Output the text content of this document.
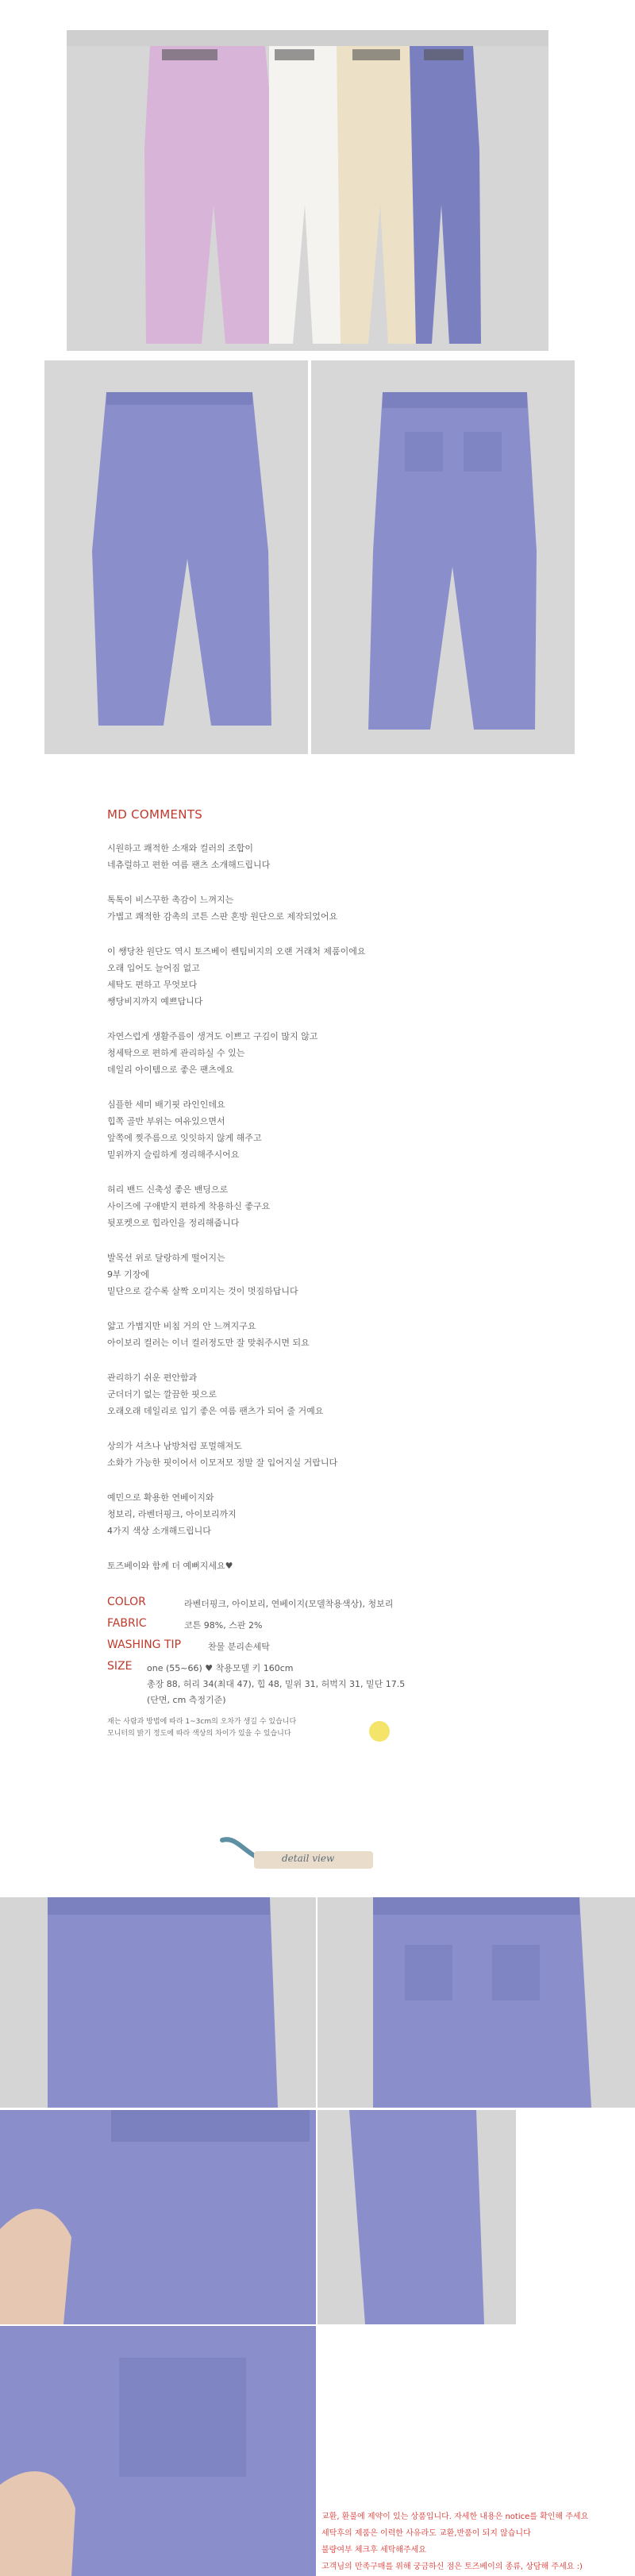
MD COMMENTS

시원하고 쾌적한 소재와 컬러의 조합이
네츄럴하고 편한 여름 팬츠 소개해드립니다

톡톡이 비스꾸한 촉감이 느껴지는
가볍고 쾌적한 감촉의 코튼 스판 혼방 원단으로 제작되었어요

이 쌩당찬 원단도 역시 토즈베이 쎈팀비지의 오랜 거래처 제품이에요
오래 입어도 늘어짐 없고
세탁도 편하고 무엇보다
쌩당비지까지 예쁘답니다

자연스럽게 생활주름이 생겨도 이쁘고 구김이 많지 않고
청세탁으로 편하게 관리하실 수 있는
데일리 아이템으로 좋은 팬츠에요

심플한 세미 배기핏 라인인데요
힙쪽 골반 부위는 여유있으면서
앞쪽에 찢주름으로 잇잇하지 않게 해주고
밑위까지 슬림하게 정리해주시어요

허리 밴드 신축성 좋은 밴딩으로
사이즈에 구애받지 편하게 착용하신 좋구요
뒷포켓으로 힙라인을 정리해줍니다

발목선 위로 달랑하게 떨어지는
9부 기장에
밑단으로 갈수록 살짝 오미지는 것이 멋짐하답니다

얇고 가볍지만 비침 거의 안 느껴지구요
아이보리 컬러는 이너 컬러정도만 잘 맞춰주시면 되요

관리하기 쉬운 편안함과
군더더기 없는 깔끔한 핏으로
오래오래 데일리로 입기 좋은 여름 팬츠가 되어 줄 거예요

상의가 셔츠나 남방처럼 포멀해져도
소화가 가능한 핏이어서 이모저모 정말 잘 입어지실 거랍니다

예민으로 확용한 연베이지와
청보리, 라벤더핑크, 아이보리까지
4가지 색상 소개해드립니다

토즈베이와 함께 더 예뻐지세요♥

COLOR	라벤더핑크, 아이보리, 연베이지(모델착용색상), 청보리
FABRIC	코튼 98%, 스판 2%
WASHING TIP	찬물 분리손세탁
SIZE one (55~66) ♥ 착용모델 키 160cm
총장 88, 허리 34(최대 47), 힙 48, 밑위 31, 허벅지 31, 밑단 17.5
(단면, cm 측정기준)
재는 사람과 방법에 따라 1~3cm의 오차가 생길 수 있습니다
모니터의 밝기 정도에 따라 색상의 차이가 있을 수 있습니다
detail view
교환, 환불에 제약이 있는 상품입니다. 자세한 내용은 notice를 확인해 주세요
세탁후의 제품은 이력한 사유라도 교환,반품이 되지 않습니다
불량여부 체크후 세탁해주세요
고객님의 만족구매를 위해 궁금하신 점은 토즈베이의 종류, 상담해 주세요 :)
